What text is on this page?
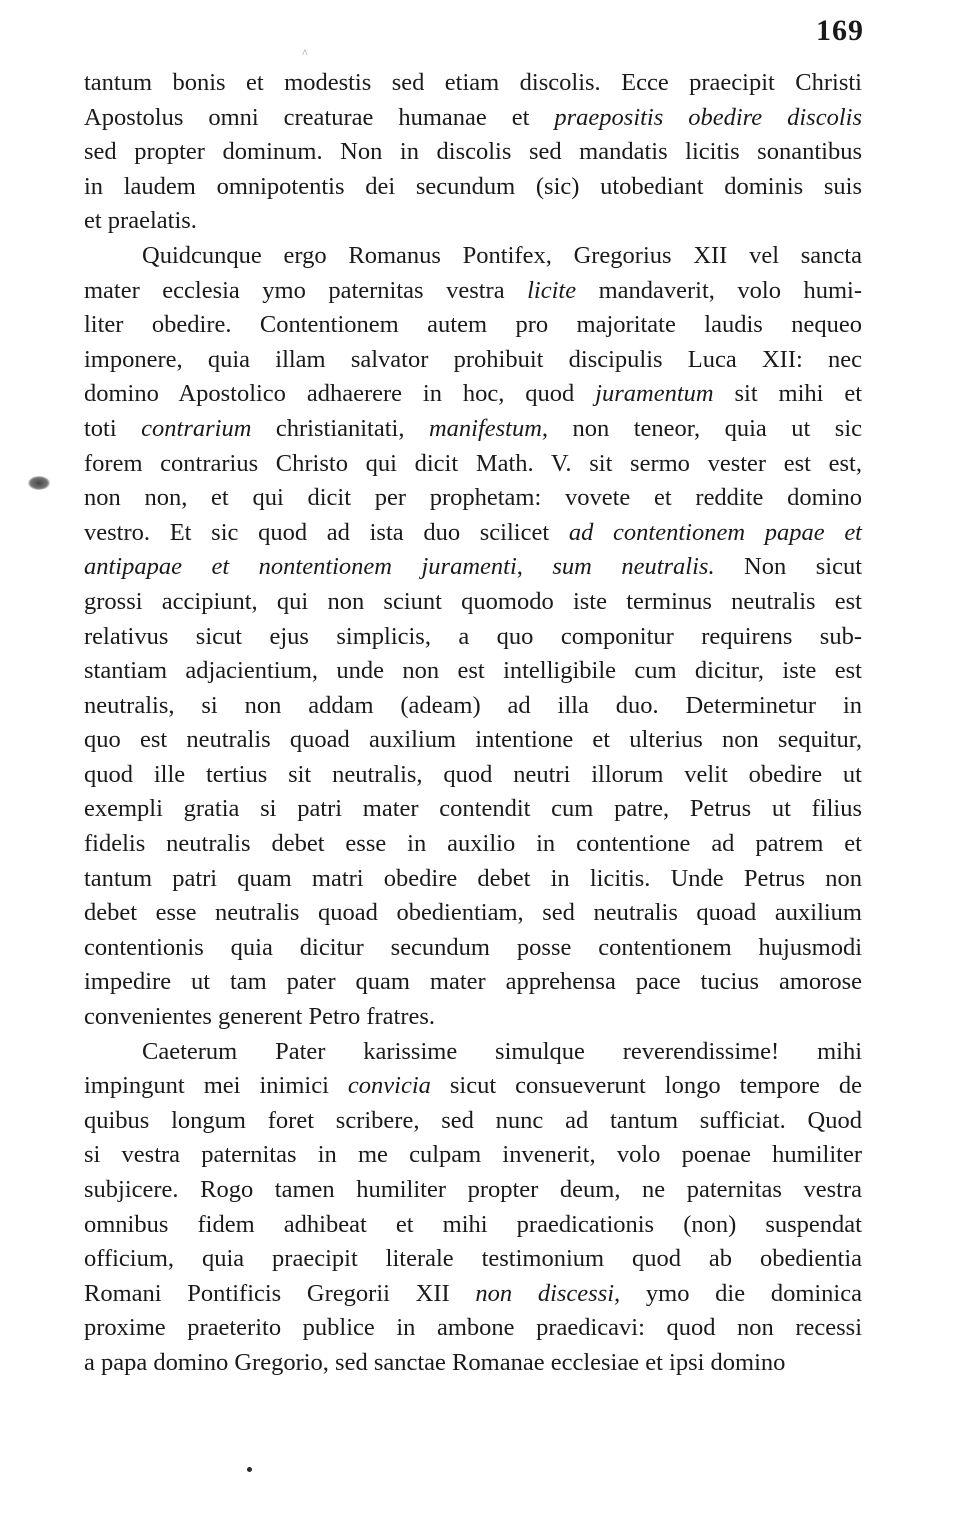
169
^
tantum bonis et modestis sed etiam discolis. Ecce praecipit Christi
Apostolus omni creaturae humanae et praepositis obedire discolis
sed propter dominum. Non in discolis sed mandatis licitis sonantibus
in laudem omnipotentis dei secundum (sic) utobediant dominis suis
et praelatis.
Quidcunque ergo Romanus Pontifex, Gregorius XII vel sancta
mater ecclesia ymo paternitas vestra licite mandaverit, volo humi-
liter obedire. Contentionem autem pro majoritate laudis nequeo
imponere, quia illam salvator prohibuit discipulis Luca XII: nec
domino Apostolico adhaerere in hoc, quod juramentum sit mihi et
toti contrarium christianitati, manifestum, non teneor, quia ut sic
forem contrarius Christo qui dicit Math. V. sit sermo vester est est,
non non, et qui dicit per prophetam: vovete et reddite domino
vestro. Et sic quod ad ista duo scilicet ad contentionem papae et
antipapae et nontentionem juramenti, sum neutralis. Non sicut
grossi accipiunt, qui non sciunt quomodo iste terminus neutralis est
relativus sicut ejus simplicis, a quo componitur requirens sub-
stantiam adjacientium, unde non est intelligibile cum dicitur, iste est
neutralis, si non addam (adeam) ad illa duo. Determinetur in
quo est neutralis quoad auxilium intentione et ulterius non sequitur,
quod ille tertius sit neutralis, quod neutri illorum velit obedire ut
exempli gratia si patri mater contendit cum patre, Petrus ut filius
fidelis neutralis debet esse in auxilio in contentione ad patrem et
tantum patri quam matri obedire debet in licitis. Unde Petrus non
debet esse neutralis quoad obedientiam, sed neutralis quoad auxilium
contentionis quia dicitur secundum posse contentionem hujusmodi
impedire ut tam pater quam mater apprehensa pace tucius amorose
convenientes generent Petro fratres.
Caeterum Pater karissime simulque reverendissime! mihi
impingunt mei inimici convicia sicut consueverunt longo tempore de
quibus longum foret scribere, sed nunc ad tantum sufficiat. Quod
si vestra paternitas in me culpam invenerit, volo poenae humiliter
subjicere. Rogo tamen humiliter propter deum, ne paternitas vestra
omnibus fidem adhibeat et mihi praedicationis (non) suspendat
officium, quia praecipit literale testimonium quod ab obedientia
Romani Pontificis Gregorii XII non discessi, ymo die dominica
proxime praeterito publice in ambone praedicavi: quod non recessi
a papa domino Gregorio, sed sanctae Romanae ecclesiae et ipsi domino
